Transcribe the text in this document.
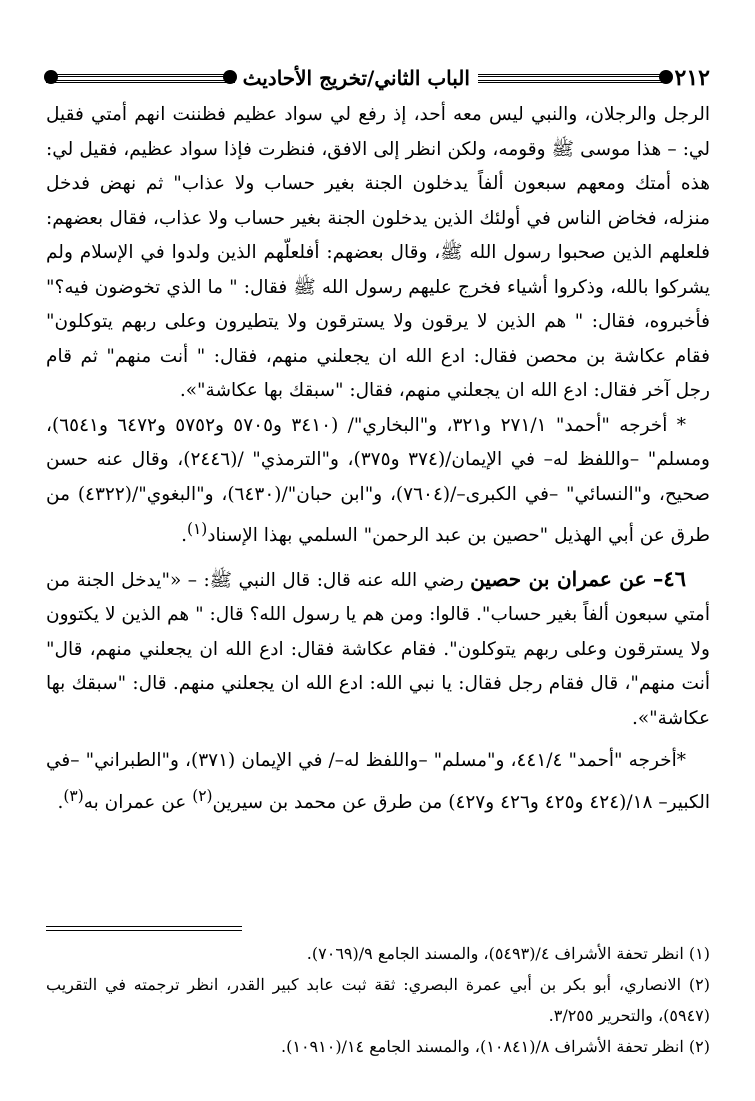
٢١٢
الباب الثاني/تخريج الأحاديث

الرجل والرجلان، والنبي ليس معه أحد، إذ رفع لي سواد عظيم فظننت انهم أمتي فقيل لي: – هذا موسى ﷺ وقومه، ولكن انظر إلى الافق، فنظرت فإذا سواد عظيم، فقيل لي: هذه أمتك ومعهم سبعون ألفاً يدخلون الجنة بغير حساب ولا عذاب" ثم نهض فدخل منزله، فخاض الناس في أولئك الذين يدخلون الجنة بغير حساب ولا عذاب، فقال بعضهم: فلعلهم الذين صحبوا رسول الله ﷺ، وقال بعضهم: أفلعلّهم الذين ولدوا في الإسلام ولم يشركوا بالله، وذكروا أشياء فخرج عليهم رسول الله ﷺ فقال: " ما الذي تخوضون فيه؟" فأخبروه، فقال: " هم الذين لا يرقون ولا يسترقون ولا يتطيرون وعلى ربهم يتوكلون" فقام عكاشة بن محصن فقال: ادع الله ان يجعلني منهم، فقال: " أنت منهم" ثم قام رجل آخر فقال: ادع الله ان يجعلني منهم، فقال: "سبقك بها عكاشة"».

* أخرجه "أحمد" ٢٧١/١ و٣٢١، و"البخاري"/ (٣٤١٠ و٥٧٠٥ و٥٧٥٢ و٦٤٧٢ و٦٥٤١)، ومسلم" –واللفظ له– في الإيمان/(٣٧٤ و٣٧٥)، و"الترمذي" /(٢٤٤٦)، وقال عنه حسن صحيح، و"النسائي" –في الكبرى–/(٧٦٠٤)، و"ابن حبان"/(٦٤٣٠)، و"البغوي"/(٤٣٢٢) من طرق عن أبي الهذيل "حصين بن عبد الرحمن" السلمي بهذا الإسناد$^{(١)}$.

٤٦– عن عمران بن حصين رضي الله عنه قال: قال النبي ﷺ: – «"يدخل الجنة من أمتي سبعون ألفاً بغير حساب". قالوا: ومن هم يا رسول الله؟ قال: " هم الذين لا يكتوون ولا يسترقون وعلى ربهم يتوكلون". فقام عكاشة فقال: ادع الله ان يجعلني منهم، قال" أنت منهم"، قال فقام رجل فقال: يا نبي الله: ادع الله ان يجعلني منهم. قال: "سبقك بها عكاشة"».

*أخرجه "أحمد" ٤٤١/٤، و"مسلم" –واللفظ له–/ في الإيمان (٣٧١)، و"الطبراني" –في الكبير– ١٨/(٤٢٤ و٤٢٥ و٤٢٦ و٤٢٧) من طرق عن محمد بن سيرين$^{(٢)}$ عن عمران به$^{(٣)}$.

(١) انظر تحفة الأشراف ٤/(٥٤٩٣)، والمسند الجامع ٩/(٧٠٦٩).

(٢) الانصاري، أبو بكر بن أبي عمرة البصري: ثقة ثبت عابد كبير القدر، انظر ترجمته في التقريب (٥٩٤٧)، والتحرير ٣/٢٥٥.

(٢) انظر تحفة الأشراف ٨/(١٠٨٤١)، والمسند الجامع ١٤/(١٠٩١٠).
